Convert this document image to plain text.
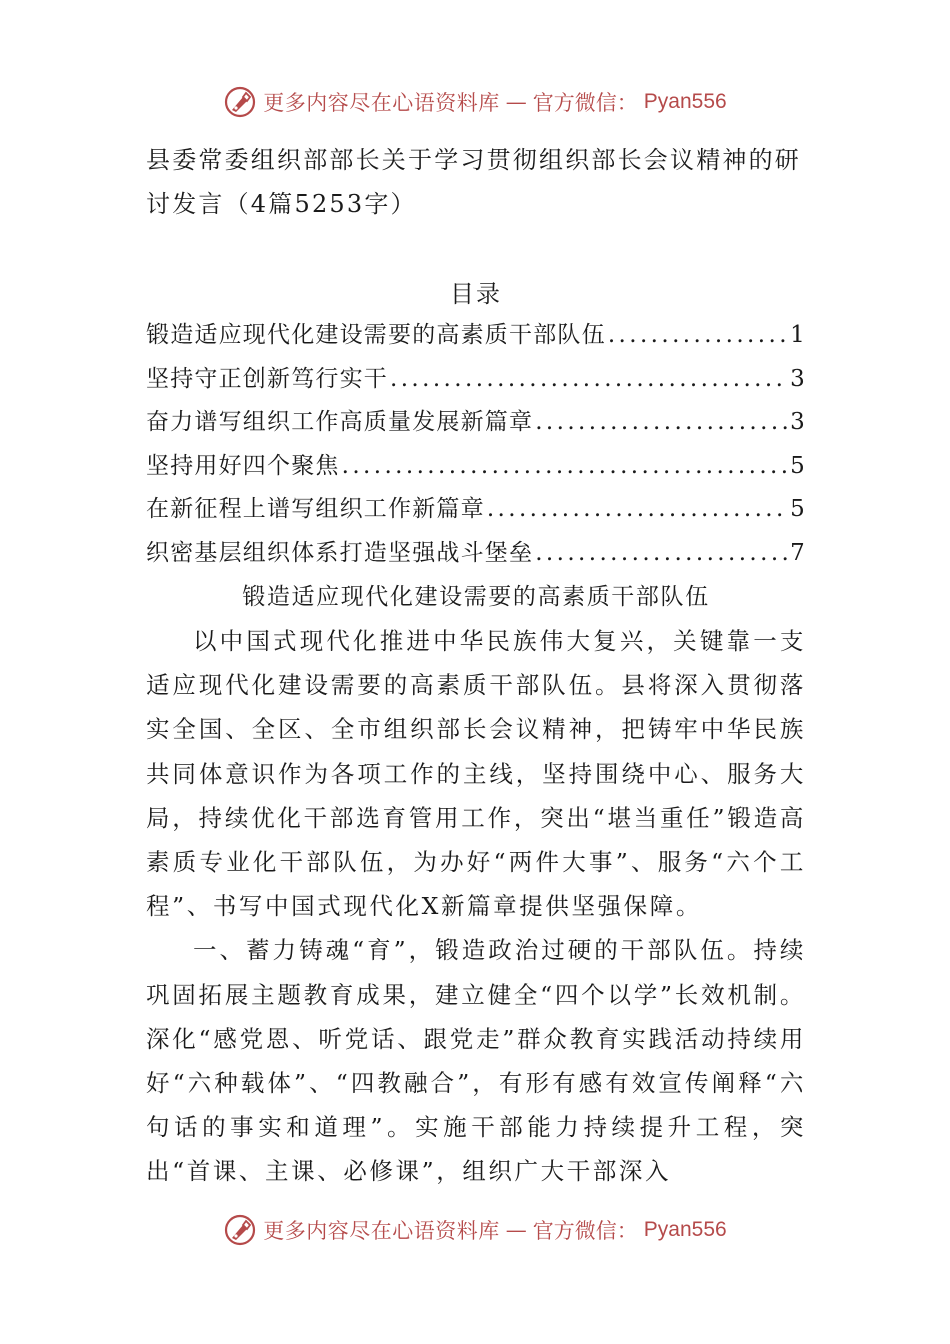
更多内容尽在心语资料库 — 官方微信： Pyan556
县委常委组织部部长关于学习贯彻组织部长会议精神的研讨发言（4篇5253字）
目录
锻造适应现代化建设需要的高素质干部队伍 .....	1
坚持守正创新笃行实干 .....	3
奋力谱写组织工作高质量发展新篇章 .....	3
坚持用好四个聚焦 .....	5
在新征程上谱写组织工作新篇章 .....	5
织密基层组织体系打造坚强战斗堡垒 .....	7
锻造适应现代化建设需要的高素质干部队伍

以中国式现代化推进中华民族伟大复兴，关键靠一支适应现代化建设需要的高素质干部队伍。县将深入贯彻落实全国、全区、全市组织部长会议精神，把铸牢中华民族共同体意识作为各项工作的主线，坚持围绕中心、服务大局，持续优化干部选育管用工作，突出“堪当重任”锻造高素质专业化干部队伍，为办好“两件大事”、服务“六个工程”、书写中国式现代化X新篇章提供坚强保障。

一、蓄力铸魂“育”，锻造政治过硬的干部队伍。持续巩固拓展主题教育成果，建立健全“四个以学”长效机制。深化“感党恩、听党话、跟党走”群众教育实践活动持续用好“六种载体”、“四教融合”，有形有感有效宣传阐释“六句话的事实和道理”。实施干部能力持续提升工程，突出“首课、主课、必修课”，组织广大干部深入

更多内容尽在心语资料库 — 官方微信： Pyan556
